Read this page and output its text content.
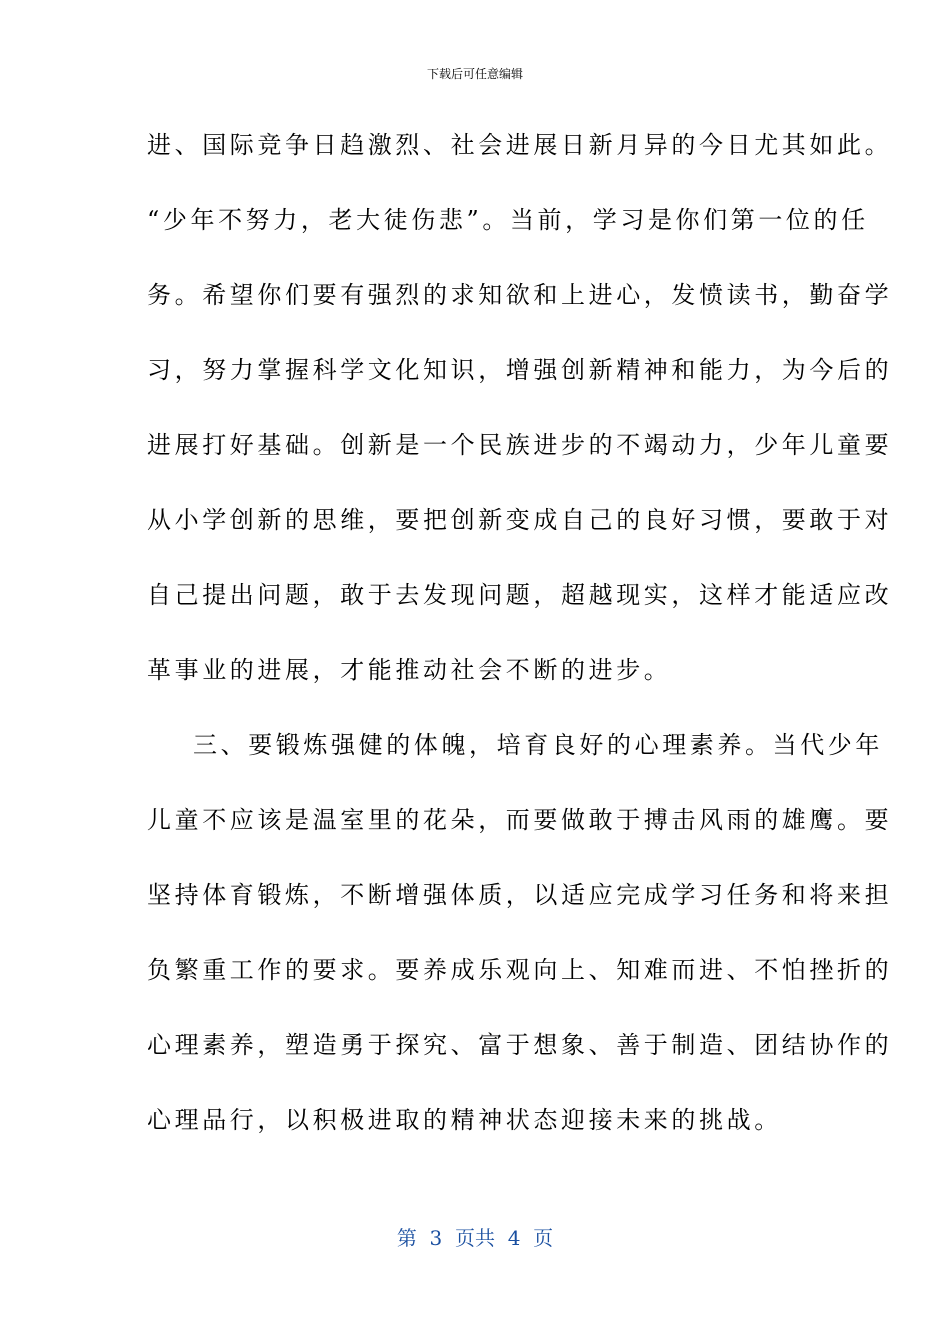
下载后可任意编辑
进、国际竞争日趋激烈、社会进展日新月异的今日尤其如此。
“少年不努力，老大徒伤悲”。当前，学习是你们第一位的任
务。希望你们要有强烈的求知欲和上进心，发愤读书，勤奋学
习，努力掌握科学文化知识，增强创新精神和能力，为今后的
进展打好基础。创新是一个民族进步的不竭动力，少年儿童要
从小学创新的思维，要把创新变成自己的良好习惯，要敢于对
自己提出问题，敢于去发现问题，超越现实，这样才能适应改
革事业的进展，才能推动社会不断的进步。
三、要锻炼强健的体魄，培育良好的心理素养。当代少年
儿童不应该是温室里的花朵，而要做敢于搏击风雨的雄鹰。要
坚持体育锻炼，不断增强体质，以适应完成学习任务和将来担
负繁重工作的要求。要养成乐观向上、知难而进、不怕挫折的
心理素养，塑造勇于探究、富于想象、善于制造、团结协作的
心理品行，以积极进取的精神状态迎接未来的挑战。
第  3  页共  4  页
